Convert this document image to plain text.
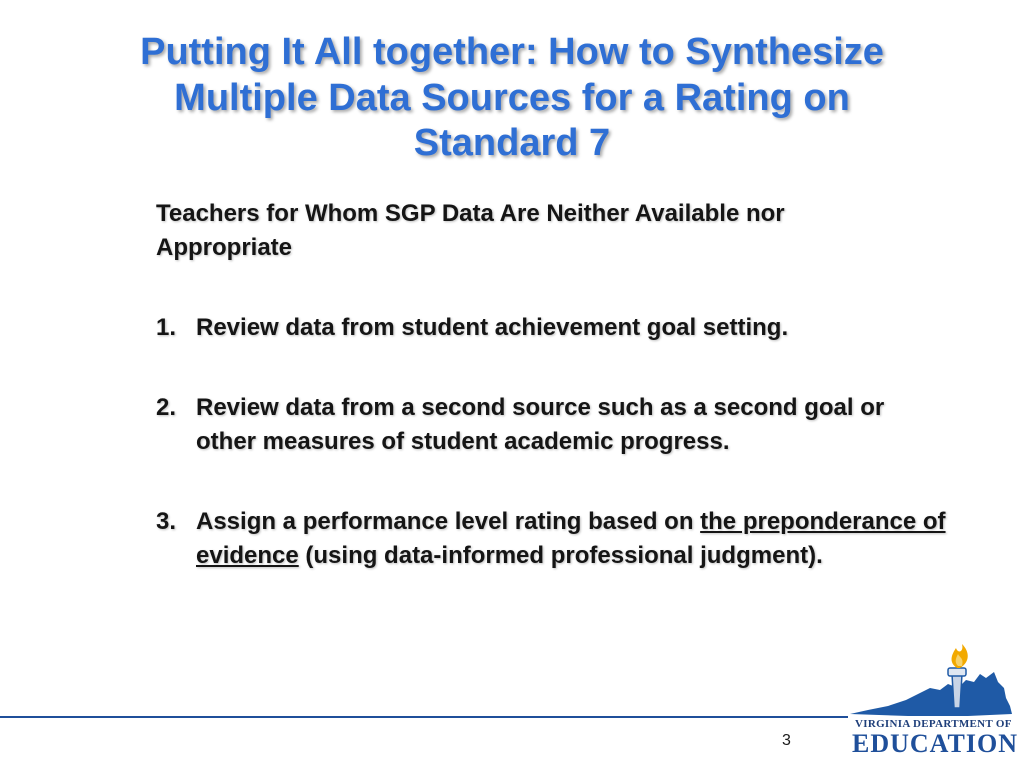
Putting It All together: How to Synthesize
Multiple Data Sources for a Rating on
Standard 7
Teachers for Whom SGP Data Are Neither Available nor
Appropriate
1. Review data from student achievement goal setting.
2. Review data from a second source such as a second goal or other measures of student academic progress.
3. Assign a performance level rating based on the preponderance of evidence (using data-informed professional judgment).
3
VIRGINIA DEPARTMENT OF
EDUCATION
